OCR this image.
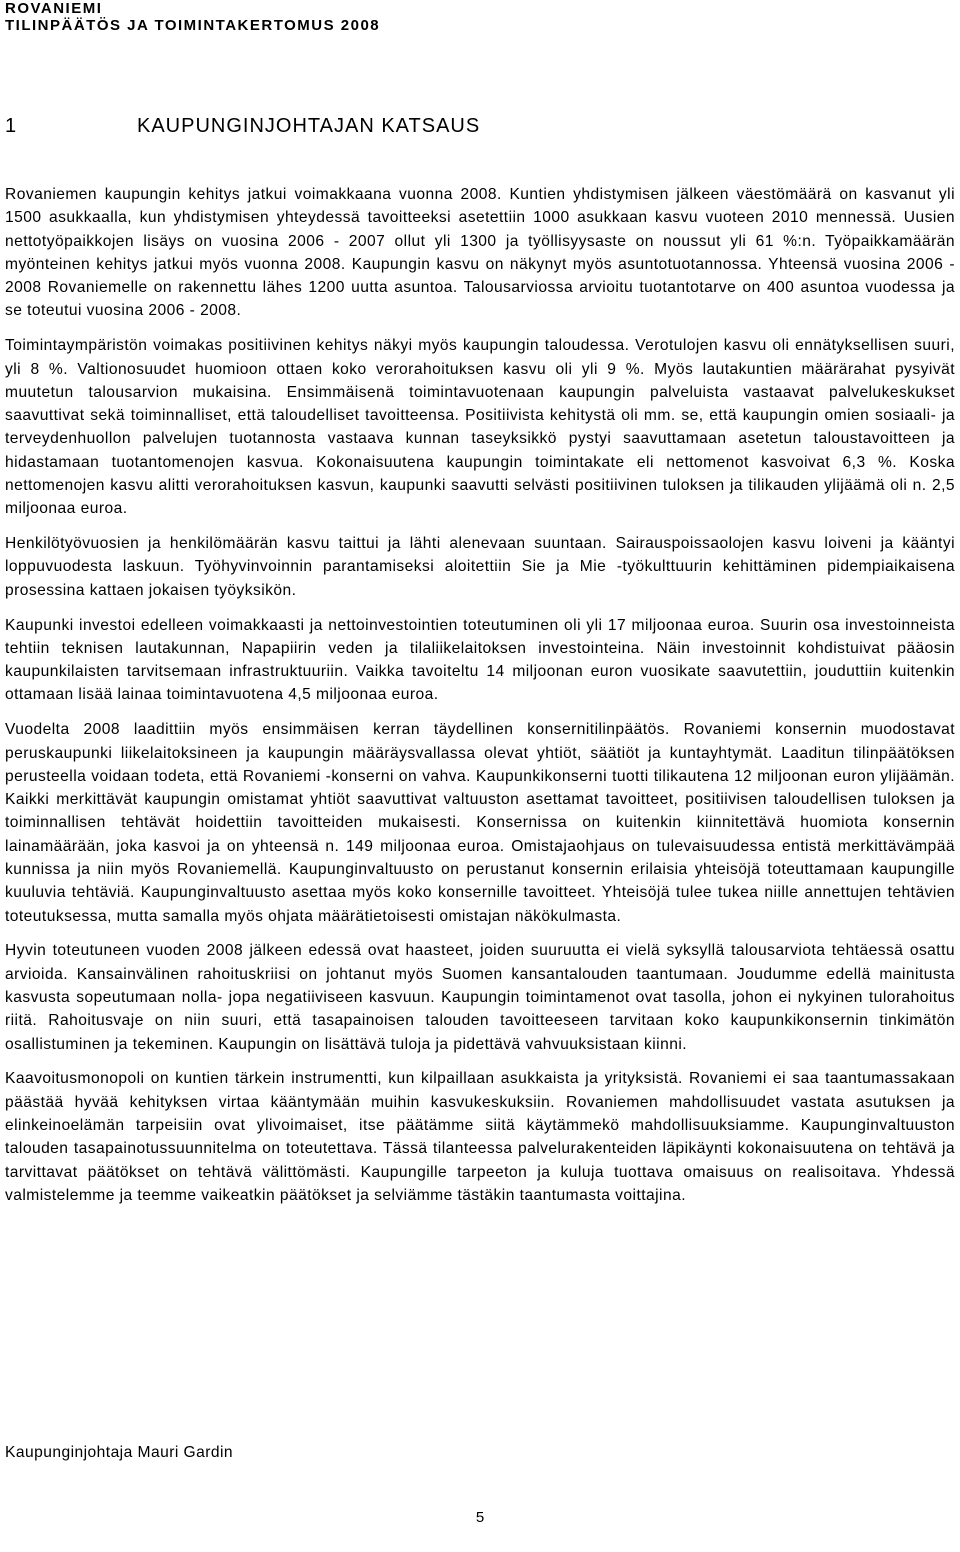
ROVANIEMI
TILINPÄÄTÖS JA TOIMINTAKERTOMUS 2008
1	KAUPUNGINJOHTAJAN KATSAUS

Rovaniemen kaupungin kehitys jatkui voimakkaana vuonna 2008. Kuntien yhdistymisen jälkeen väestömäärä on kasvanut yli 1500 asukkaalla, kun yhdistymisen yhteydessä tavoitteeksi asetettiin 1000 asukkaan kasvu vuoteen 2010 mennessä. Uusien nettotyöpaikkojen lisäys on vuosina 2006 - 2007 ollut yli 1300 ja työllisyysaste on noussut yli 61 %:n. Työpaikkamäärän myönteinen kehitys jatkui myös vuonna 2008. Kaupungin kasvu on näkynyt myös asuntotuotannossa. Yhteensä vuosina 2006 - 2008 Rovaniemelle on rakennettu lähes 1200 uutta asuntoa. Talousarviossa arvioitu tuotantotarve on 400 asuntoa vuodessa ja se toteutui vuosina 2006 - 2008.

Toimintaympäristön voimakas positiivinen kehitys näkyi myös kaupungin taloudessa. Verotulojen kasvu oli ennätyksellisen suuri, yli 8 %. Valtionosuudet huomioon ottaen koko verorahoituksen kasvu oli yli 9 %. Myös lautakuntien määrärahat pysyivät muutetun talousarvion mukaisina. Ensimmäisenä toimintavuotenaan kaupungin palveluista vastaavat palvelukeskukset saavuttivat sekä toiminnalliset, että taloudelliset tavoitteensa. Positiivista kehitystä oli mm. se, että kaupungin omien sosiaali- ja terveydenhuollon palvelujen tuotannosta vastaava kunnan taseyksikkö pystyi saavuttamaan asetetun taloustavoitteen ja hidastamaan tuotantomenojen kasvua. Kokonaisuutena kaupungin toimintakate eli nettomenot kasvoivat 6,3 %. Koska nettomenojen kasvu alitti verorahoituksen kasvun, kaupunki saavutti selvästi positiivinen tuloksen ja tilikauden ylijäämä oli n. 2,5 miljoonaa euroa.

Henkilötyövuosien ja henkilömäärän kasvu taittui ja lähti alenevaan suuntaan. Sairauspoissaolojen kasvu loiveni ja kääntyi loppuvuodesta laskuun. Työhyvinvoinnin parantamiseksi aloitettiin Sie ja Mie -työkulttuurin kehittäminen pidempiaikaisena prosessina kattaen jokaisen työyksikön.

Kaupunki investoi edelleen voimakkaasti ja nettoinvestointien toteutuminen oli yli 17 miljoonaa euroa. Suurin osa investoinneista tehtiin teknisen lautakunnan, Napapiirin veden ja tilaliikelaitoksen investointeina. Näin investoinnit kohdistuivat pääosin kaupunkilaisten tarvitsemaan infrastruktuuriin. Vaikka tavoiteltu 14 miljoonan euron vuosikate saavutettiin, jouduttiin kuitenkin ottamaan lisää lainaa toimintavuotena 4,5 miljoonaa euroa.

Vuodelta 2008 laadittiin myös ensimmäisen kerran täydellinen konsernitilinpäätös. Rovaniemi konsernin muodostavat peruskaupunki liikelaitoksineen ja kaupungin määräysvallassa olevat yhtiöt, säätiöt ja kuntayhtymät. Laaditun tilinpäätöksen perusteella voidaan todeta, että Rovaniemi -konserni on vahva. Kaupunkikonserni tuotti tilikautena 12 miljoonan euron ylijäämän. Kaikki merkittävät kaupungin omistamat yhtiöt saavuttivat valtuuston asettamat tavoitteet, positiivisen taloudellisen tuloksen ja toiminnallisen tehtävät hoidettiin tavoitteiden mukaisesti. Konsernissa on kuitenkin kiinnitettävä huomiota konsernin lainamäärään, joka kasvoi ja on yhteensä n. 149 miljoonaa euroa. Omistajaohjaus on tulevaisuudessa entistä merkittävämpää kunnissa ja niin myös Rovaniemellä. Kaupunginvaltuusto on perustanut konsernin erilaisia yhteisöjä toteuttamaan kaupungille kuuluvia tehtäviä. Kaupunginvaltuusto asettaa myös koko konsernille tavoitteet. Yhteisöjä tulee tukea niille annettujen tehtävien toteutuksessa, mutta samalla myös ohjata määrätietoisesti omistajan näkökulmasta.

Hyvin toteutuneen vuoden 2008 jälkeen edessä ovat haasteet, joiden suuruutta ei vielä syksyllä talousarviota tehtäessä osattu arvioida. Kansainvälinen rahoituskriisi on johtanut myös Suomen kansantalouden taantumaan. Joudumme edellä mainitusta kasvusta sopeutumaan nolla- jopa negatiiviseen kasvuun. Kaupungin toimintamenot ovat tasolla, johon ei nykyinen tulorahoitus riitä. Rahoitusvaje on niin suuri, että tasapainoisen talouden tavoitteeseen tarvitaan koko kaupunkikonsernin tinkimätön osallistuminen ja tekeminen. Kaupungin on lisättävä tuloja ja pidettävä vahvuuksistaan kiinni.

Kaavoitusmonopoli on kuntien tärkein instrumentti, kun kilpaillaan asukkaista ja yrityksistä. Rovaniemi ei saa taantumassakaan päästää hyvää kehityksen virtaa kääntymään muihin kasvukeskuksiin. Rovaniemen mahdollisuudet vastata asutuksen ja elinkeinoelämän tarpeisiin ovat ylivoimaiset, itse päätämme siitä käytämmekö mahdollisuuksiamme. Kaupunginvaltuuston talouden tasapainotussuunnitelma on toteutettava. Tässä tilanteessa palvelurakenteiden läpikäynti kokonaisuutena on tehtävä ja tarvittavat päätökset on tehtävä välittömästi. Kaupungille tarpeeton ja kuluja tuottava omaisuus on realisoitava. Yhdessä valmistelemme ja teemme vaikeatkin päätökset ja selviämme tästäkin taantumasta voittajina.

Kaupunginjohtaja Mauri Gardin
5
